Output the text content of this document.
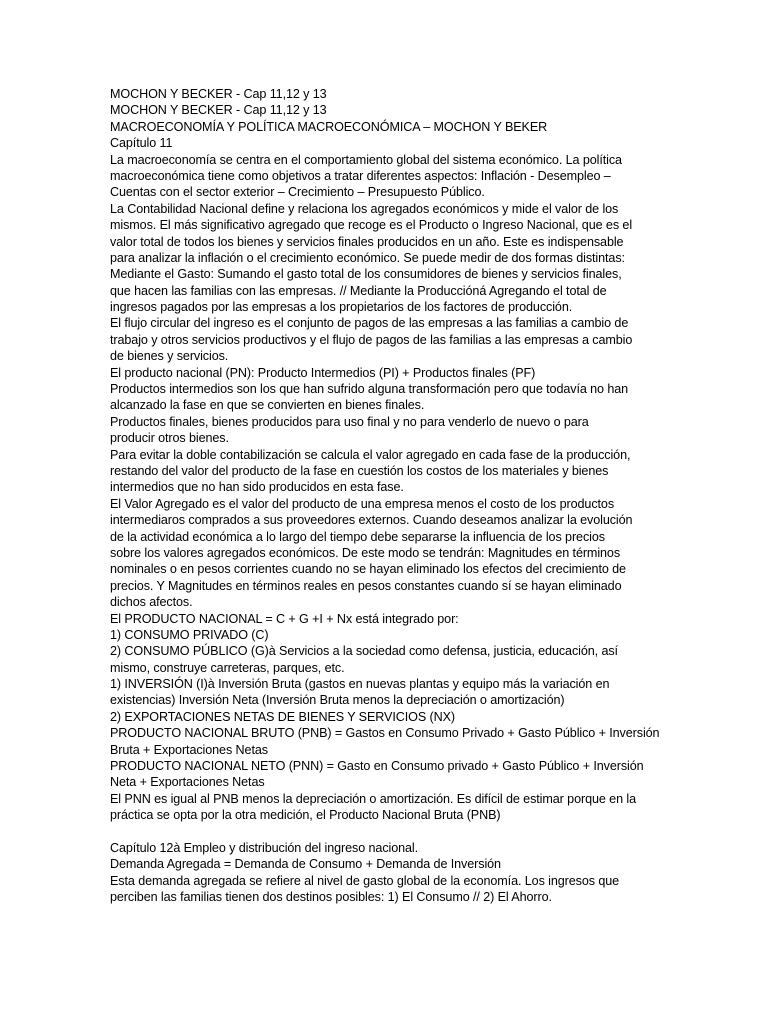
MOCHON Y BECKER - Cap 11,12 y 13
MOCHON Y BECKER - Cap 11,12 y 13
MACROECONOMÍA Y POLÍTICA MACROECONÓMICA – MOCHON Y BEKER
Capítulo 11
La macroeconomía se centra en el comportamiento global del sistema económico. La política
macroeconómica tiene como objetivos a tratar diferentes aspectos: Inflación - Desempleo –
Cuentas con el sector exterior – Crecimiento – Presupuesto Público.
La Contabilidad Nacional define y relaciona los agregados económicos y mide el valor de los
mismos. El más significativo agregado que recoge es el Producto o Ingreso Nacional, que es el
valor total de todos los bienes y servicios finales producidos en un año. Este es indispensable
para analizar la inflación o el crecimiento económico. Se puede medir de dos formas distintas:
Mediante el Gasto: Sumando el gasto total de los consumidores de bienes y servicios finales,
que hacen las familias con las empresas. // Mediante la Produccióná Agregando el total de
ingresos pagados por las empresas a los propietarios de los factores de producción.
El flujo circular del ingreso es el conjunto de pagos de las empresas a las familias a cambio de
trabajo y otros servicios productivos y el flujo de pagos de las familias a las empresas a cambio
de bienes y servicios.
El producto nacional (PN): Producto Intermedios (PI) + Productos finales (PF)
Productos intermedios son los que han sufrido alguna transformación pero que todavía no han
alcanzado la fase en que se convierten en bienes finales.
Productos finales, bienes producidos para uso final y no para venderlo de nuevo o para
producir otros bienes.
Para evitar la doble contabilización se calcula el valor agregado en cada fase de la producción,
restando del valor del producto de la fase en cuestión los costos de los materiales y bienes
intermedios que no han sido producidos en esta fase.
El Valor Agregado es el valor del producto de una empresa menos el costo de los productos
intermediaros comprados a sus proveedores externos. Cuando deseamos analizar la evolución
de la actividad económica a lo largo del tiempo debe separarse la influencia de los precios
sobre los valores agregados económicos. De este modo se tendrán: Magnitudes en términos
nominales o en pesos corrientes cuando no se hayan eliminado los efectos del crecimiento de
precios. Y Magnitudes en términos reales en pesos constantes cuando sí se hayan eliminado
dichos afectos.
El PRODUCTO NACIONAL = C + G +I + Nx está integrado por:
1) CONSUMO PRIVADO (C)
2) CONSUMO PÚBLICO (G)à Servicios a la sociedad como defensa, justicia, educación, así
mismo, construye carreteras, parques, etc.
1) INVERSIÓN (I)à Inversión Bruta (gastos en nuevas plantas y equipo más la variación en
existencias) Inversión Neta (Inversión Bruta menos la depreciación o amortización)
2) EXPORTACIONES NETAS DE BIENES Y SERVICIOS (NX)
PRODUCTO NACIONAL BRUTO (PNB) = Gastos en Consumo Privado + Gasto Público + Inversión
Bruta + Exportaciones Netas
PRODUCTO NACIONAL NETO (PNN) = Gasto en Consumo privado + Gasto Público + Inversión
Neta + Exportaciones Netas
El PNN es igual al PNB menos la depreciación o amortización. Es difícil de estimar porque en la
práctica se opta por la otra medición, el Producto Nacional Bruta (PNB)
Capítulo 12à Empleo y distribución del ingreso nacional.
Demanda Agregada = Demanda de Consumo + Demanda de Inversión
Esta demanda agregada se refiere al nivel de gasto global de la economía. Los ingresos que
perciben las familias tienen dos destinos posibles: 1) El Consumo // 2) El Ahorro.
